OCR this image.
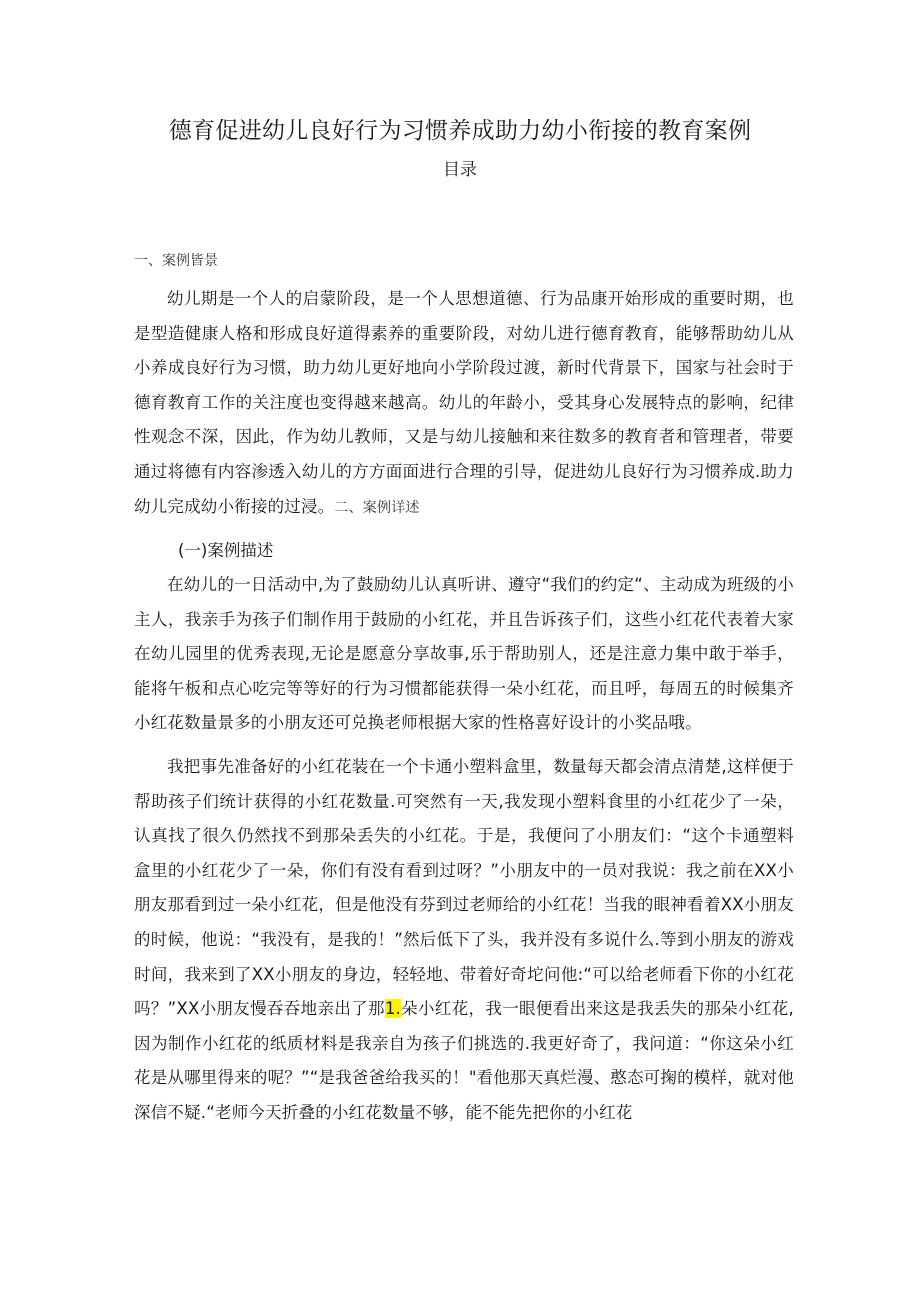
德育促进幼儿良好行为习惯养成助力幼小衔接的教育案例
目录
一、案例皆景

幼儿期是一个人的启蒙阶段，是一个人思想道德、行为品康开始形成的重要时期，也是型造健康人格和形成良好道得素养的重要阶段，对幼儿进行德育教育，能够帮助幼儿从小养成良好行为习惯，助力幼儿更好地向小学阶段过渡，新时代背景下，国家与社会时于德育教育工作的关注度也变得越来越高。幼儿的年龄小，受其身心发展特点的影响，纪律性观念不深，因此，作为幼儿教师，又是与幼儿接触和来往数多的教育者和管理者，带要通过将德有内容渗透入幼儿的方方面面进行合理的引导，促进幼儿良好行为习惯养成.助力幼儿完成幼小衔接的过浸。二、案例详述

(一)案例描述

在幼儿的一日活动中,为了鼓励幼儿认真听讲、遵守“我们的约定“、主动成为班级的小主人，我亲手为孩子们制作用于鼓励的小红花，并且告诉孩子们，这些小红花代表着大家在幼儿园里的优秀表现,无论是愿意分享故事,乐于帮助别人，还是注意力集中敢于举手，能将午板和点心吃完等等好的行为习惯都能获得一朵小红花，而且呼，每周五的时候集齐小红花数量景多的小朋友还可兑换老师根据大家的性格喜好设计的小奖品哦。

我把事先准备好的小红花装在一个卡通小塑料盒里，数量每天都会清点清楚,这样便于帮助孩子们统计获得的小红花数量.可突然有一天,我发现小塑料食里的小红花少了一朵，认真找了很久仍然找不到那朵丢失的小红花。于是，我便问了小朋友们：“这个卡通塑料盒里的小红花少了一朵，你们有没有看到过呀？”小朋友中的一员对我说：我之前在XX小朋友那看到过一朵小红花，但是他没有芬到过老师给的小红花！当我的眼神看着XX小朋友的时候，他说：“我没有，是我的！”然后低下了头，我并没有多说什么.等到小朋友的游戏时间，我来到了XX小朋友的身边，轻轻地、带着好奇坨问他:“可以给老师看下你的小红花吗？”XX小朋友慢吞吞地亲出了那1.朵小红花，我一眼便看出来这是我丢失的那朵小红花,因为制作小红花的纸质材料是我亲自为孩子们挑选的.我更好奇了，我问道：“你这朵小红花是从哪里得来的呢？”“是我爸爸给我买的！"看他那天真烂漫、憨态可掬的模样，就对他深信不疑.“老师今天折叠的小红花数量不够，能不能先把你的小红花
